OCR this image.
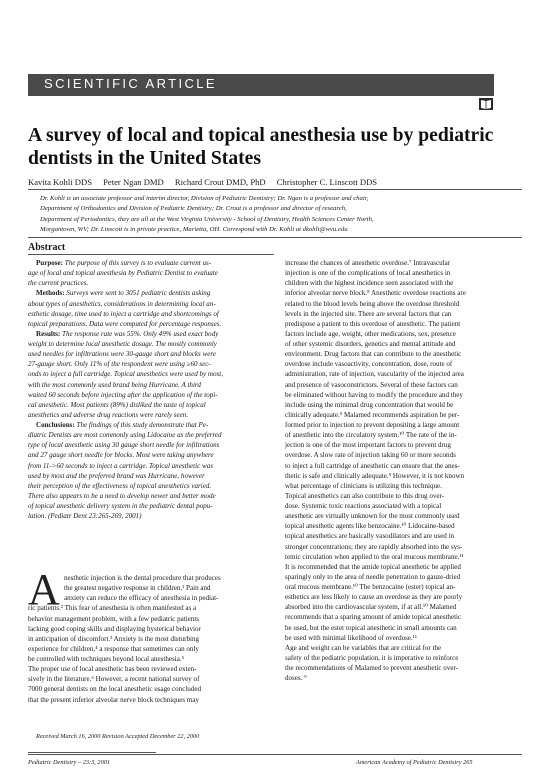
SCIENTIFIC ARTICLE
A survey of local and topical anesthesia use by pediatric dentists in the United States
Kavita Kohli DDS Peter Ngan DMD Richard Crout DMD, PhD Christopher C. Linscott DDS
Dr. Kohli is an associate professor and interim director, Division of Pediatric Dentistry; Dr. Ngan is a professor and chair,
Department of Orthodontics and Division of Pediatric Dentistry; Dr. Crout is a professor and director of research,
Department of Periodontics, they are all at the West Virginia University - School of Dentistry, Health Sciences Center North,
Morgantown, WV; Dr. Linscott is in private practice, Marietta, OH. Correspond with Dr. Kohli at dkohli@wvu.edu
Abstract
Purpose: The purpose of this survey is to evaluate current us-
age of local and topical anesthesia by Pediatric Dentist to evaluate
the current practices.
Methods: Surveys were sent to 3051 pediatric dentists asking
about types of anesthetics, considerations in determining local an-
esthetic dosage, time used to inject a cartridge and shortcomings of
topical preparations. Data were computed for percentage responses.
Results: The response rate was 55%. Only 49% used exact body
weight to determine local anesthetic dosage. The mostly commonly
used needles for infiltrations were 30-gauge short and blocks were
27-gauge short. Only 11% of the respondent were using ≥60 sec-
onds to inject a full cartridge. Topical anesthetics were used by most,
with the most commonly used brand being Hurricane. A third
waited 60 seconds before injecting after the application of the topi-
cal anesthetic. Most patients (89%) disliked the taste of topical
anesthetics and adverse drug reactions were rarely seen.
Conclusions: The findings of this study demonstrate that Pe-
diatric Dentists are most commonly using Lidocaine as the preferred
type of local anesthetic using 30 gauge short needle for infiltrations
and 27 gauge short needle for blocks. Most were taking anywhere
from 11->60 seconds to inject a cartridge. Topical anesthetic was
used by most and the preferred brand was Hurricane, however
their perception of the effectiveness of topical anesthetics varied.
There also appears to be a need to develop newer and better mode
of topical anesthetic delivery system in the pediatric dental popu-
lation. (Pediatr Dent 23:265-269, 2001)
A nesthetic injection is the dental procedure that produces
the greatest negative response in children.¹ Pain and
anxiety can reduce the efficacy of anesthesia in pediat-
ric patients.² This fear of anesthesia is often manifested as a
behavior management problem, with a few pediatric patients
lacking good coping skills and displaying hysterical behavior
in anticipation of discomfort.³ Anxiety is the most disturbing
experience for children,⁴ a response that sometimes can only
be controlled with techniques beyond local anesthesia.⁵
The proper use of local anesthetic has been reviewed exten-
sively in the literature.⁶ However, a recent national survey of
7000 general dentists on the local anesthetic usage concluded
that the present inferior alveolar nerve block techniques may
increase the chances of anesthetic overdose.⁷ Intravascular
injection is one of the complications of local anesthetics in
children with the highest incidence seen associated with the
inferior alveolar nerve block.⁸ Anesthetic overdose reactions are
related to the blood levels being above the overdose threshold
levels in the injected site. There are several factors that can
predispose a patient to this overdose of anesthetic. The patient
factors include age, weight, other medications, sex, presence
of other systemic disorders, genetics and mental attitude and
environment. Drug factors that can contribute to the anesthetic
overdose include vasoactivity, concentration, dose, route of
administration, rate of injection, vascularity of the injected area
and presence of vasoconstrictors. Several of these factors can
be eliminated without having to modify the procedure and they
include using the minimal drug concentration that would be
clinically adequate.⁹ Malamed recommends aspiration be per-
formed prior to injection to prevent depositing a large amount
of anesthetic into the circulatory system.¹⁰ The rate of the in-
jection is one of the most important factors to prevent drug
overdose. A slow rate of injection taking 60 or more seconds
to inject a full cartridge of anesthetic can ensure that the anes-
thetic is safe and clinically adequate.⁹ However, it is not known
what percentage of clinicians is utilizing this technique.
Topical anesthetics can also contribute to this drug over-
dose. Systemic toxic reactions associated with a topical
anesthetic are virtually unknown for the most commonly used
topical anesthetic agents like benzocaine.¹⁰ Lidocaine-based
topical anesthetics are basically vasodilators and are used in
stronger concentrations; they are rapidly absorbed into the sys-
temic circulation when applied to the oral mucous membrane.¹¹
It is recommended that the amide topical anesthetic be applied
sparingly only to the area of needle penetration to gauze-dried
oral mucous membrane.¹⁰ The benzocaine (ester) topical an-
esthetics are less likely to cause an overdose as they are poorly
absorbed into the cardiovascular system, if at all.¹⁰ Malamed
recommends that a sparing amount of amide topical anesthetic
be used, but the ester topical anesthetic in small amounts can
be used with minimal likelihood of overdose.¹¹
Age and weight can be variables that are critical for the
safety of the pediatric population, it is imperative to reinforce
the recommendations of Malamed to prevent anesthetic over-
doses. ⁹
Received March 16, 2000 Revision Accepted December 22, 2000
Pediatric Dentistry – 23:3, 2001	American Academy of Pediatric Dentistry 265
